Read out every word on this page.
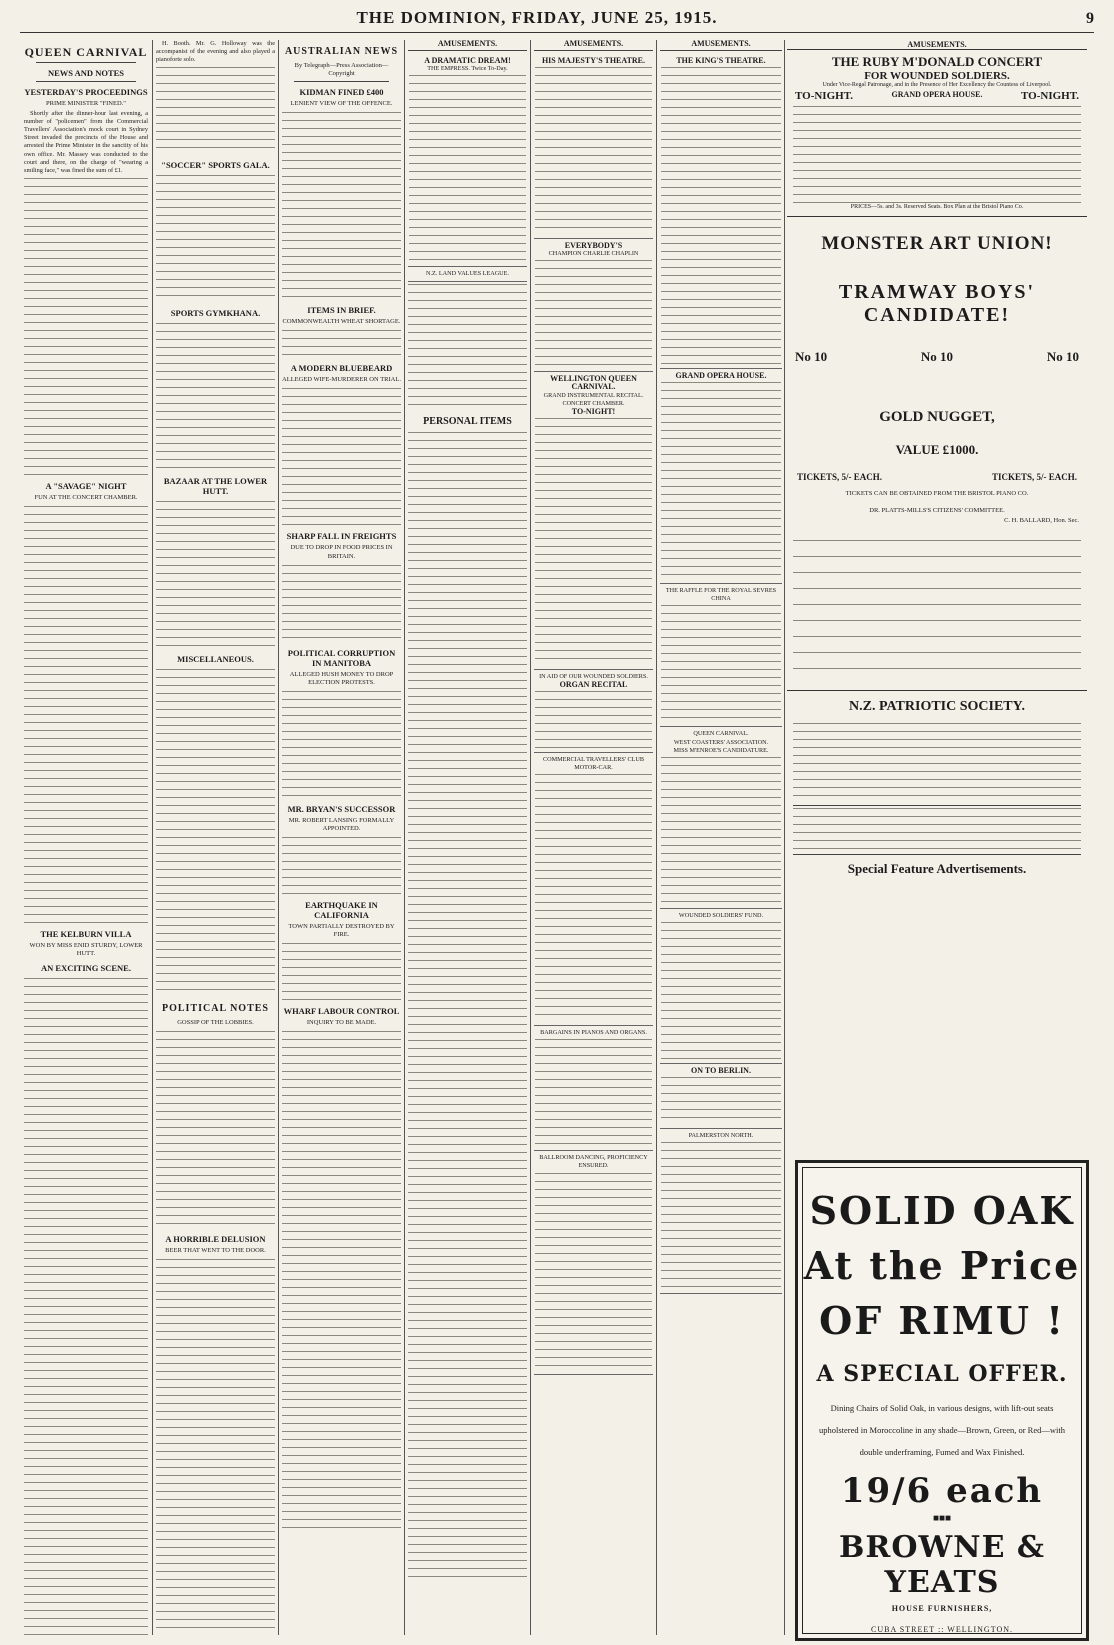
THE DOMINION, FRIDAY, JUNE 25, 1915.	9
QUEEN CARNIVAL
NEWS AND NOTES
YESTERDAY'S PROCEEDINGS
PRIME MINISTER "FINED."

Shortly after the dinner-hour last evening, a number of "policemen" from the Commercial Travellers' Association's mock court in Sydney Street invaded the precincts of the House and arrested the Prime Minister in the sanctity of his own office. Mr. Massey was conducted to the court and there, on the charge of "wearing a smiling face," was fined the sum of £1.

A "SAVAGE" NIGHT
FUN AT THE CONCERT CHAMBER.
THE KELBURN VILLA
WON BY MISS ENID STURDY, LOWER HUTT.
AN EXCITING SCENE.

H. Booth. Mr. G. Holloway was the accompanist of the evening and also played a pianoforte solo.

"SOCCER" SPORTS GALA.
SPORTS GYMKHANA.
BAZAAR AT THE LOWER HUTT.
MISCELLANEOUS.
POLITICAL NOTES
GOSSIP OF THE LOBBIES.
A HORRIBLE DELUSION
BEER THAT WENT TO THE DOOR.
AUSTRALIAN NEWS
By Telegraph—Press Association—Copyright
KIDMAN FINED £400
LENIENT VIEW OF THE OFFENCE.
ITEMS IN BRIEF.
COMMONWEALTH WHEAT SHORTAGE.
A MODERN BLUEBEARD
ALLEGED WIFE-MURDERER ON TRIAL.
SHARP FALL IN FREIGHTS
DUE TO DROP IN FOOD PRICES IN BRITAIN.
POLITICAL CORRUPTION IN MANITOBA
ALLEGED HUSH MONEY TO DROP ELECTION PROTESTS.
MR. BRYAN'S SUCCESSOR
MR. ROBERT LANSING FORMALLY APPOINTED.
EARTHQUAKE IN CALIFORNIA
TOWN PARTIALLY DESTROYED BY FIRE.
WHARF LABOUR CONTROL
INQUIRY TO BE MADE.
AMUSEMENTS.
A DRAMATIC DREAM!
THE EMPRESS. Twice To-Day.
N.Z. LAND VALUES LEAGUE.
PERSONAL ITEMS
AMUSEMENTS.
HIS MAJESTY'S THEATRE.
EVERYBODY'S
CHAMPION CHARLIE CHAPLIN
WELLINGTON QUEEN CARNIVAL.
GRAND INSTRUMENTAL RECITAL.
CONCERT CHAMBER.
TO-NIGHT!
IN AID OF OUR WOUNDED SOLDIERS.
ORGAN RECITAL
COMMERCIAL TRAVELLERS' CLUB MOTOR-CAR.
BARGAINS IN PIANOS AND ORGANS.
BALLROOM DANCING, PROFICIENCY ENSURED.
AMUSEMENTS.
THE KING'S THEATRE.
GRAND OPERA HOUSE.
THE RAFFLE FOR THE ROYAL SEVRES CHINA
QUEEN CARNIVAL.
WEST COASTERS' ASSOCIATION.
MISS M'ENROE'S CANDIDATURE.
WOUNDED SOLDIERS' FUND.
ON TO BERLIN.
PALMERSTON NORTH.
AMUSEMENTS.
THE RUBY M'DONALD CONCERT
FOR WOUNDED SOLDIERS.
Under Vice-Regal Patronage, and in the Presence of Her Excellency the Countess of Liverpool.
TO-NIGHT.	GRAND OPERA HOUSE.	TO-NIGHT.
PRICES—5s. and 3s. Reserved Seats. Box Plan at the Bristol Piano Co.
MONSTER ART UNION!
TRAMWAY BOYS' CANDIDATE!
No 10	No 10	No 10
GOLD NUGGET,
VALUE £1000.
TICKETS, 5/- EACH.	TICKETS, 5/- EACH.
TICKETS CAN BE OBTAINED FROM THE BRISTOL PIANO CO.
DR. PLATTS-MILLS'S CITIZENS' COMMITTEE.
C. H. BALLARD, Hon. Sec.
N.Z. PATRIOTIC SOCIETY.
Special Feature Advertisements.
SOLID OAK
At the Price
OF RIMU !
A SPECIAL OFFER.
Dining Chairs of Solid Oak, in various designs, with lift-out seats upholstered in Moroccoline in any shade—Brown, Green, or Red—with double underframing, Fumed and Wax Finished.
19/6 each
■■■
BROWNE & YEATS
HOUSE FURNISHERS,
CUBA STREET :: WELLINGTON.
